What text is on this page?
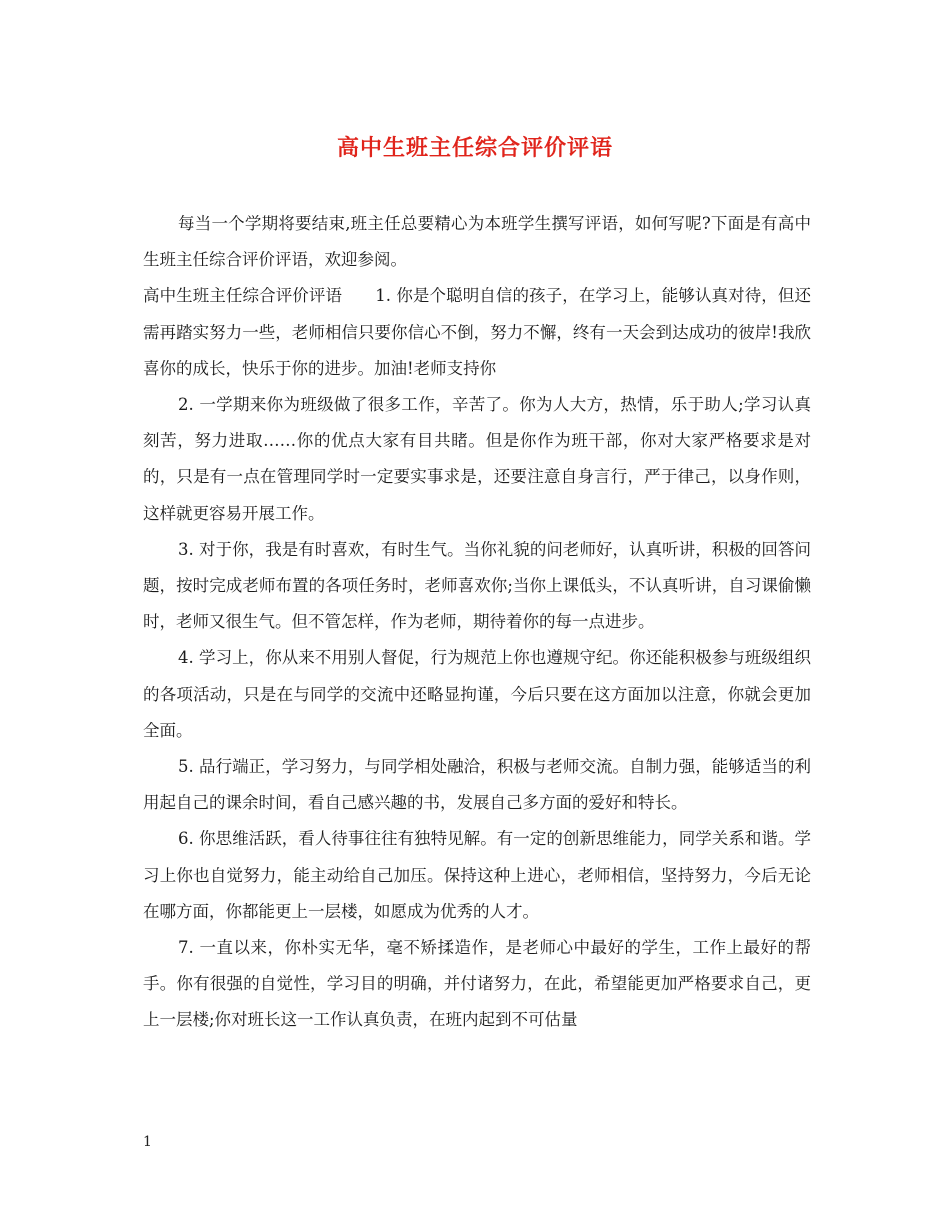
高中生班主任综合评价评语

每当一个学期将要结束,班主任总要精心为本班学生撰写评语，如何写呢?下面是有高中生班主任综合评价评语，欢迎参阅。

高中生班主任综合评价评语　　1. 你是个聪明自信的孩子，在学习上，能够认真对待，但还需再踏实努力一些，老师相信只要你信心不倒，努力不懈，终有一天会到达成功的彼岸!我欣喜你的成长，快乐于你的进步。加油!老师支持你

2. 一学期来你为班级做了很多工作，辛苦了。你为人大方，热情，乐于助人;学习认真刻苦，努力进取……你的优点大家有目共睹。但是你作为班干部，你对大家严格要求是对的，只是有一点在管理同学时一定要实事求是，还要注意自身言行，严于律己，以身作则，这样就更容易开展工作。

3. 对于你，我是有时喜欢，有时生气。当你礼貌的问老师好，认真听讲，积极的回答问题，按时完成老师布置的各项任务时，老师喜欢你;当你上课低头，不认真听讲，自习课偷懒时，老师又很生气。但不管怎样，作为老师，期待着你的每一点进步。

4. 学习上，你从来不用别人督促，行为规范上你也遵规守纪。你还能积极参与班级组织的各项活动，只是在与同学的交流中还略显拘谨，今后只要在这方面加以注意，你就会更加全面。

5. 品行端正，学习努力，与同学相处融洽，积极与老师交流。自制力强，能够适当的利用起自己的课余时间，看自己感兴趣的书，发展自己多方面的爱好和特长。

6. 你思维活跃，看人待事往往有独特见解。有一定的创新思维能力，同学关系和谐。学习上你也自觉努力，能主动给自己加压。保持这种上进心，老师相信，坚持努力，今后无论在哪方面，你都能更上一层楼，如愿成为优秀的人才。

7. 一直以来，你朴实无华，毫不矫揉造作，是老师心中最好的学生，工作上最好的帮手。你有很强的自觉性，学习目的明确，并付诸努力，在此，希望能更加严格要求自己，更上一层楼;你对班长这一工作认真负责，在班内起到不可估量

1
